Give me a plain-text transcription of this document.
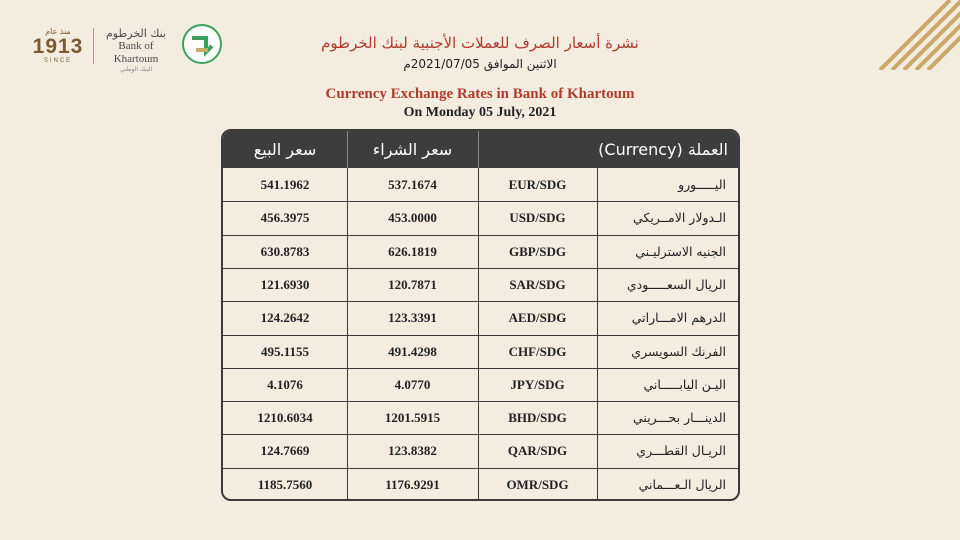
منذ عام
1913
SINCE
بنك الخرطوم
Bank of Khartoum
البنك الوطني
نشرة أسعار الصرف للعملات الأجنبية لبنك الخرطوم
الاثنين الموافق 2021/07/05م
Currency Exchange Rates in Bank of Khartoum
On Monday 05 July, 2021
سعر البيع	سعر الشراء	العملة (Currency)
541.1962	537.1674	EUR/SDG	اليـــــورو
456.3975	453.0000	USD/SDG	الـدولار الامــريكي
630.8783	626.1819	GBP/SDG	الجنيه الاسترليـني
121.6930	120.7871	SAR/SDG	الريال السعـــــودي
124.2642	123.3391	AED/SDG	الدرهم الامـــاراتي
495.1155	491.4298	CHF/SDG	الفرنك السويسري
4.1076	4.0770	JPY/SDG	اليـن اليابـــــاني
1210.6034	1201.5915	BHD/SDG	الدينـــار بحـــريني
124.7669	123.8382	QAR/SDG	الريـال القطـــري
1185.7560	1176.9291	OMR/SDG	الريال الـعـــماني
